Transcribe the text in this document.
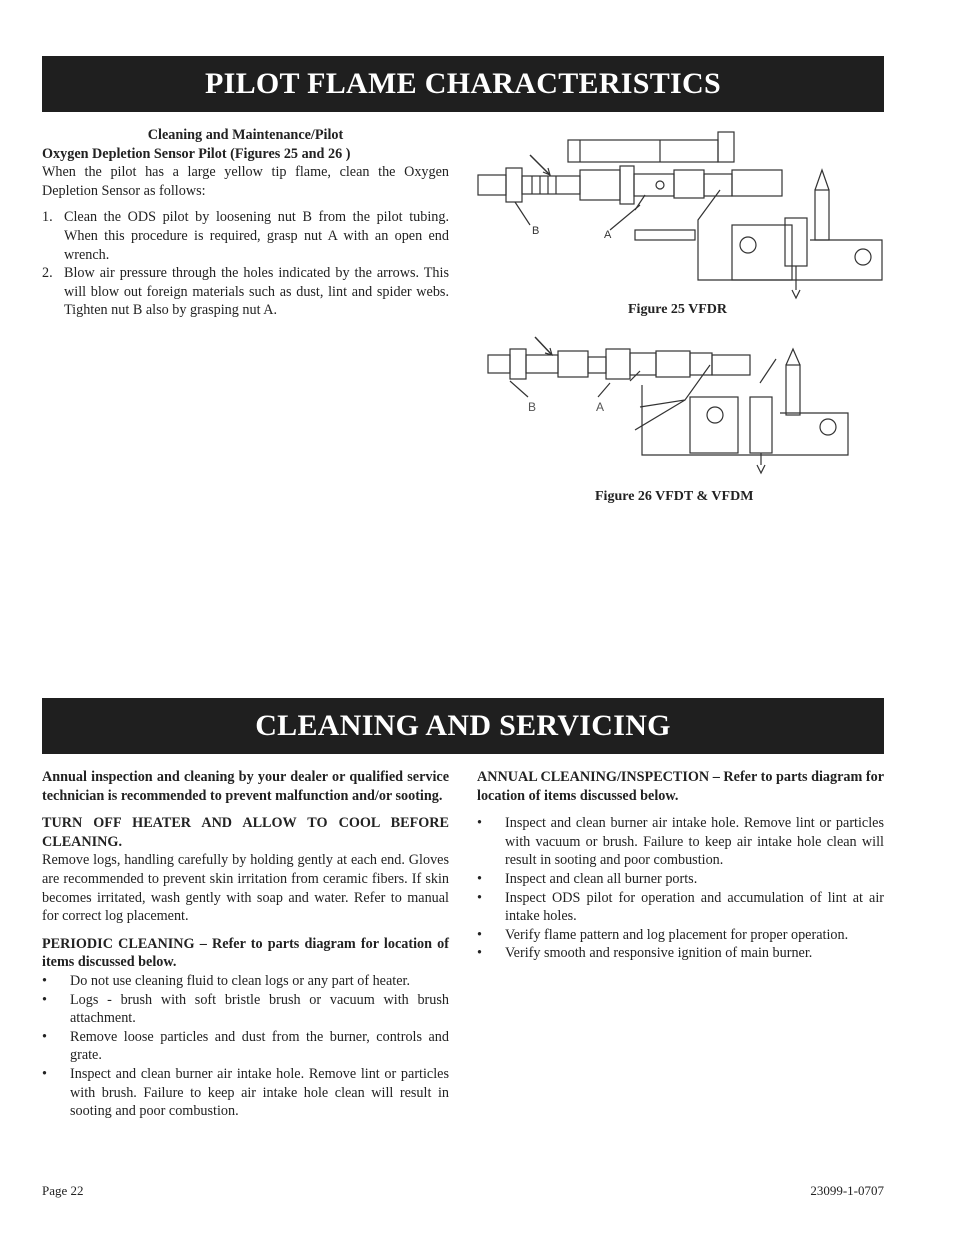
PILOT FLAME CHARACTERISTICS

Cleaning and Maintenance/Pilot

Oxygen Depletion Sensor Pilot (Figures 25 and 26 )

When the pilot has a large yellow tip flame, clean the Oxygen Depletion Sensor as follows:

1. Clean the ODS pilot by loosening nut B from the pilot tubing. When this procedure is required, grasp nut A with an open end wrench.
2. Blow air pressure through the holes indicated by the arrows. This will blow out foreign materials such as dust, lint and spider webs. Tighten nut B also by grasping nut A.
B	A
Figure 25 VFDR
B	A
Figure 26 VFDT & VFDM
CLEANING AND SERVICING

Annual inspection and cleaning by your dealer or qualified service technician is recommended to prevent malfunction and/or sooting.

TURN OFF HEATER AND ALLOW TO COOL BEFORE CLEANING.

Remove logs, handling carefully by holding gently at each end. Gloves are recommended to prevent skin irritation from ceramic fibers. If skin becomes irritated, wash gently with soap and water. Refer to manual for correct log placement.

PERIODIC CLEANING – Refer to parts diagram for location of items discussed below.

• Do not use cleaning fluid to clean logs or any part of heater.
• Logs - brush with soft bristle brush or vacuum with brush attachment.
• Remove loose particles and dust from the burner, controls and grate.
• Inspect and clean burner air intake hole. Remove lint or particles with brush. Failure to keep air intake hole clean will result in sooting and poor combustion.

ANNUAL CLEANING/INSPECTION – Refer to parts diagram for location of items discussed below.

• Inspect and clean burner air intake hole. Remove lint or particles with vacuum or brush. Failure to keep air intake hole clean will result in sooting and poor combustion.
• Inspect and clean all burner ports.
• Inspect ODS pilot for operation and accumulation of lint at air intake holes.
• Verify flame pattern and log placement for proper operation.
• Verify smooth and responsive ignition of main burner.
Page 22	23099-1-0707
